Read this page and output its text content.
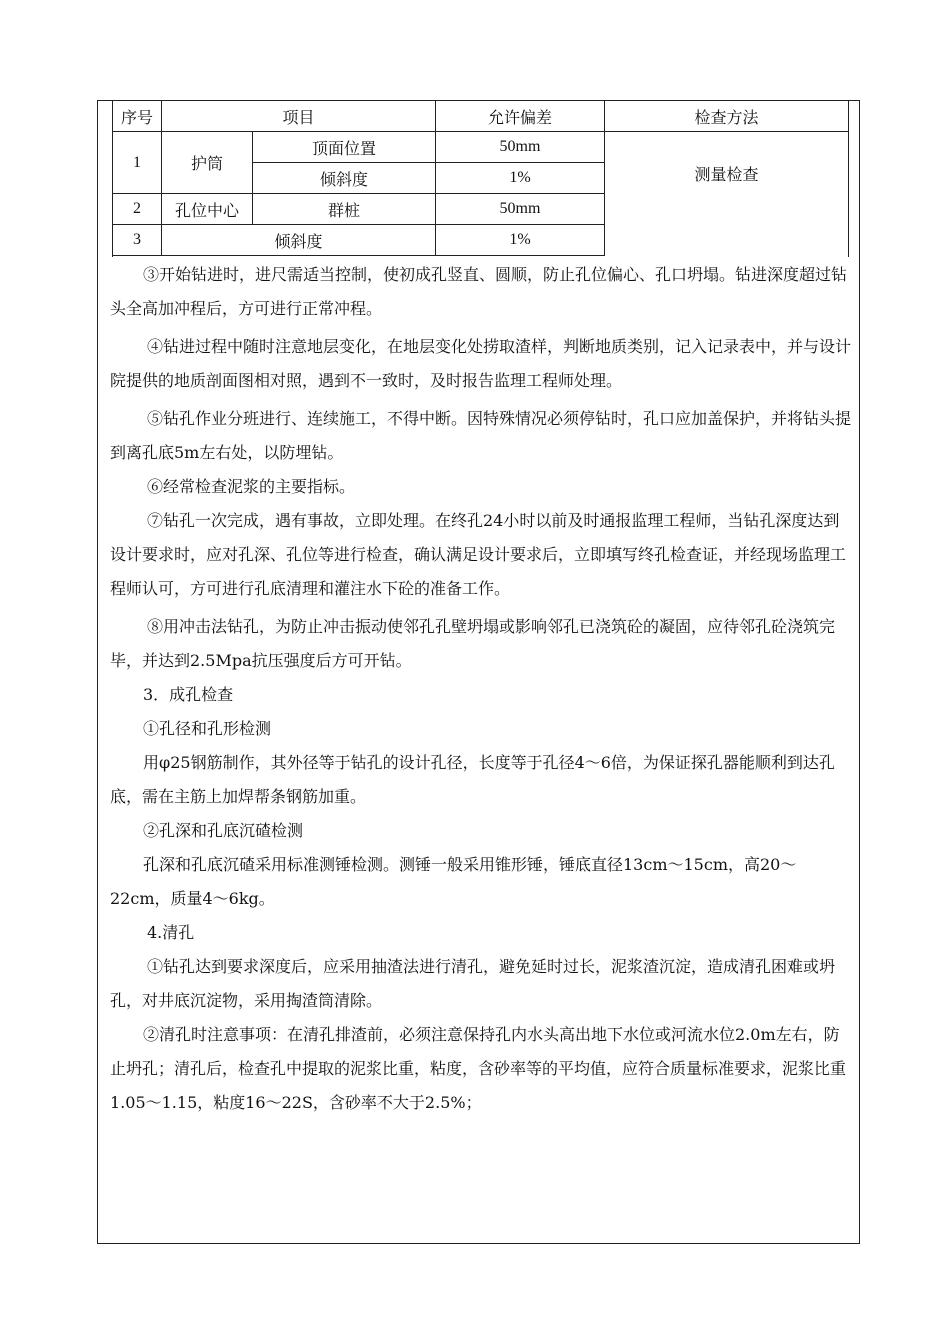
序号	项目		允许偏差	检查方法
1	护筒	顶面位置	50mm	测量检查
		倾斜度	1%	
2	孔位中心	群桩	50mm	
3	倾斜度		1%	

③开始钻进时，进尺需适当控制，使初成孔竖直、圆顺，防止孔位偏心、孔口坍塌。钻进深度超过钻头全高加冲程后，方可进行正常冲程。

④钻进过程中随时注意地层变化，在地层变化处捞取渣样，判断地质类别，记入记录表中，并与设计院提供的地质剖面图相对照，遇到不一致时，及时报告监理工程师处理。

⑤钻孔作业分班进行、连续施工，不得中断。因特殊情况必须停钻时，孔口应加盖保护，并将钻头提到离孔底5m左右处，以防埋钻。

⑥经常检查泥浆的主要指标。

⑦钻孔一次完成，遇有事故，立即处理。在终孔24小时以前及时通报监理工程师，当钻孔深度达到设计要求时，应对孔深、孔位等进行检查，确认满足设计要求后，立即填写终孔检查证，并经现场监理工程师认可，方可进行孔底清理和灌注水下砼的准备工作。

⑧用冲击法钻孔，为防止冲击振动使邻孔孔壁坍塌或影响邻孔已浇筑砼的凝固，应待邻孔砼浇筑完毕，并达到2.5Mpa抗压强度后方可开钻。

3．成孔检查

①孔径和孔形检测

用φ25钢筋制作，其外径等于钻孔的设计孔径，长度等于孔径4～6倍，为保证探孔器能顺利到达孔底，需在主筋上加焊帮条钢筋加重。

②孔深和孔底沉碴检测

孔深和孔底沉碴采用标准测锤检测。测锤一般采用锥形锤，锤底直径13cm～15cm，高20～22cm，质量4～6kg。

4.清孔

①钻孔达到要求深度后，应采用抽渣法进行清孔，避免延时过长，泥浆渣沉淀，造成清孔困难或坍孔，对井底沉淀物，采用掏渣筒清除。

②清孔时注意事项：在清孔排渣前，必须注意保持孔内水头高出地下水位或河流水位2.0m左右，防止坍孔；清孔后，检查孔中提取的泥浆比重，粘度，含砂率等的平均值，应符合质量标准要求，泥浆比重1.05～1.15，粘度16～22S，含砂率不大于2.5%；
